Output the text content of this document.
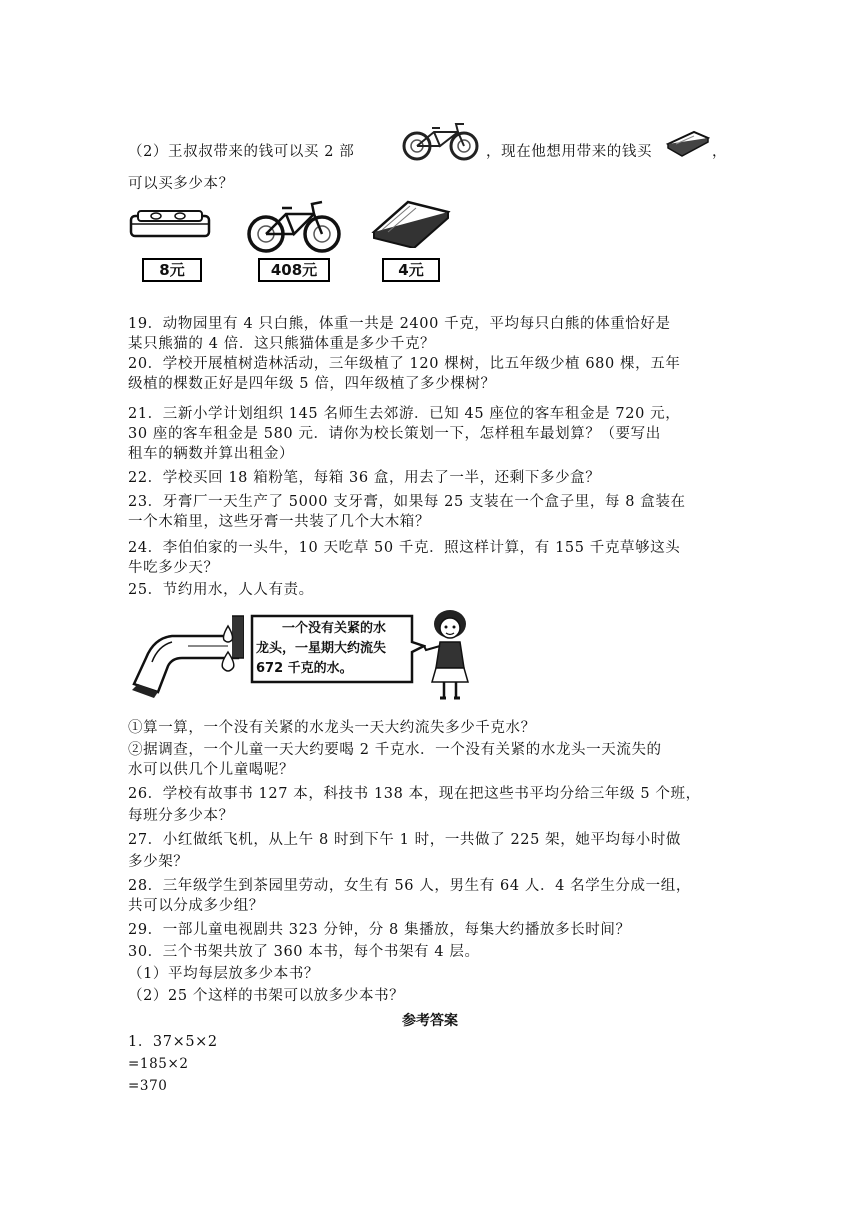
（2）王叔叔带来的钱可以买 2 部	，现在他想用带来的钱买	，
可以买多少本？
8元	408元	4元
19．动物园里有 4 只白熊，体重一共是 2400 千克，平均每只白熊的体重恰好是
某只熊猫的 4 倍．这只熊猫体重是多少千克？
20．学校开展植树造林活动，三年级植了 120 棵树，比五年级少植 680 棵，五年
级植的棵数正好是四年级 5 倍，四年级植了多少棵树？
21．三新小学计划组织 145 名师生去郊游．已知 45 座位的客车租金是 720 元，
30 座的客车租金是 580 元．请你为校长策划一下，怎样租车最划算？（要写出
租车的辆数并算出租金）
22．学校买回 18 箱粉笔，每箱 36 盒，用去了一半，还剩下多少盒？
23．牙膏厂一天生产了 5000 支牙膏，如果每 25 支装在一个盒子里，每 8 盒装在
一个木箱里，这些牙膏一共装了几个大木箱？
24．李伯伯家的一头牛，10 天吃草 50 千克．照这样计算，有 155 千克草够这头
牛吃多少天？
25．节约用水，人人有责。
一个没有关紧的水
龙头，一星期大约流失
672 千克的水。
①算一算，一个没有关紧的水龙头一天大约流失多少千克水？
②据调查，一个儿童一天大约要喝 2 千克水．一个没有关紧的水龙头一天流失的
水可以供几个儿童喝呢？
26．学校有故事书 127 本，科技书 138 本，现在把这些书平均分给三年级 5 个班，
每班分多少本？
27．小红做纸飞机，从上午 8 时到下午 1 时，一共做了 225 架，她平均每小时做
多少架？
28．三年级学生到茶园里劳动，女生有 56 人，男生有 64 人．4 名学生分成一组，
共可以分成多少组？
29．一部儿童电视剧共 323 分钟，分 8 集播放，每集大约播放多长时间？
30．三个书架共放了 360 本书，每个书架有 4 层。
（1）平均每层放多少本书？
（2）25 个这样的书架可以放多少本书？
参考答案
1．37×5×2
=185×2
=370
